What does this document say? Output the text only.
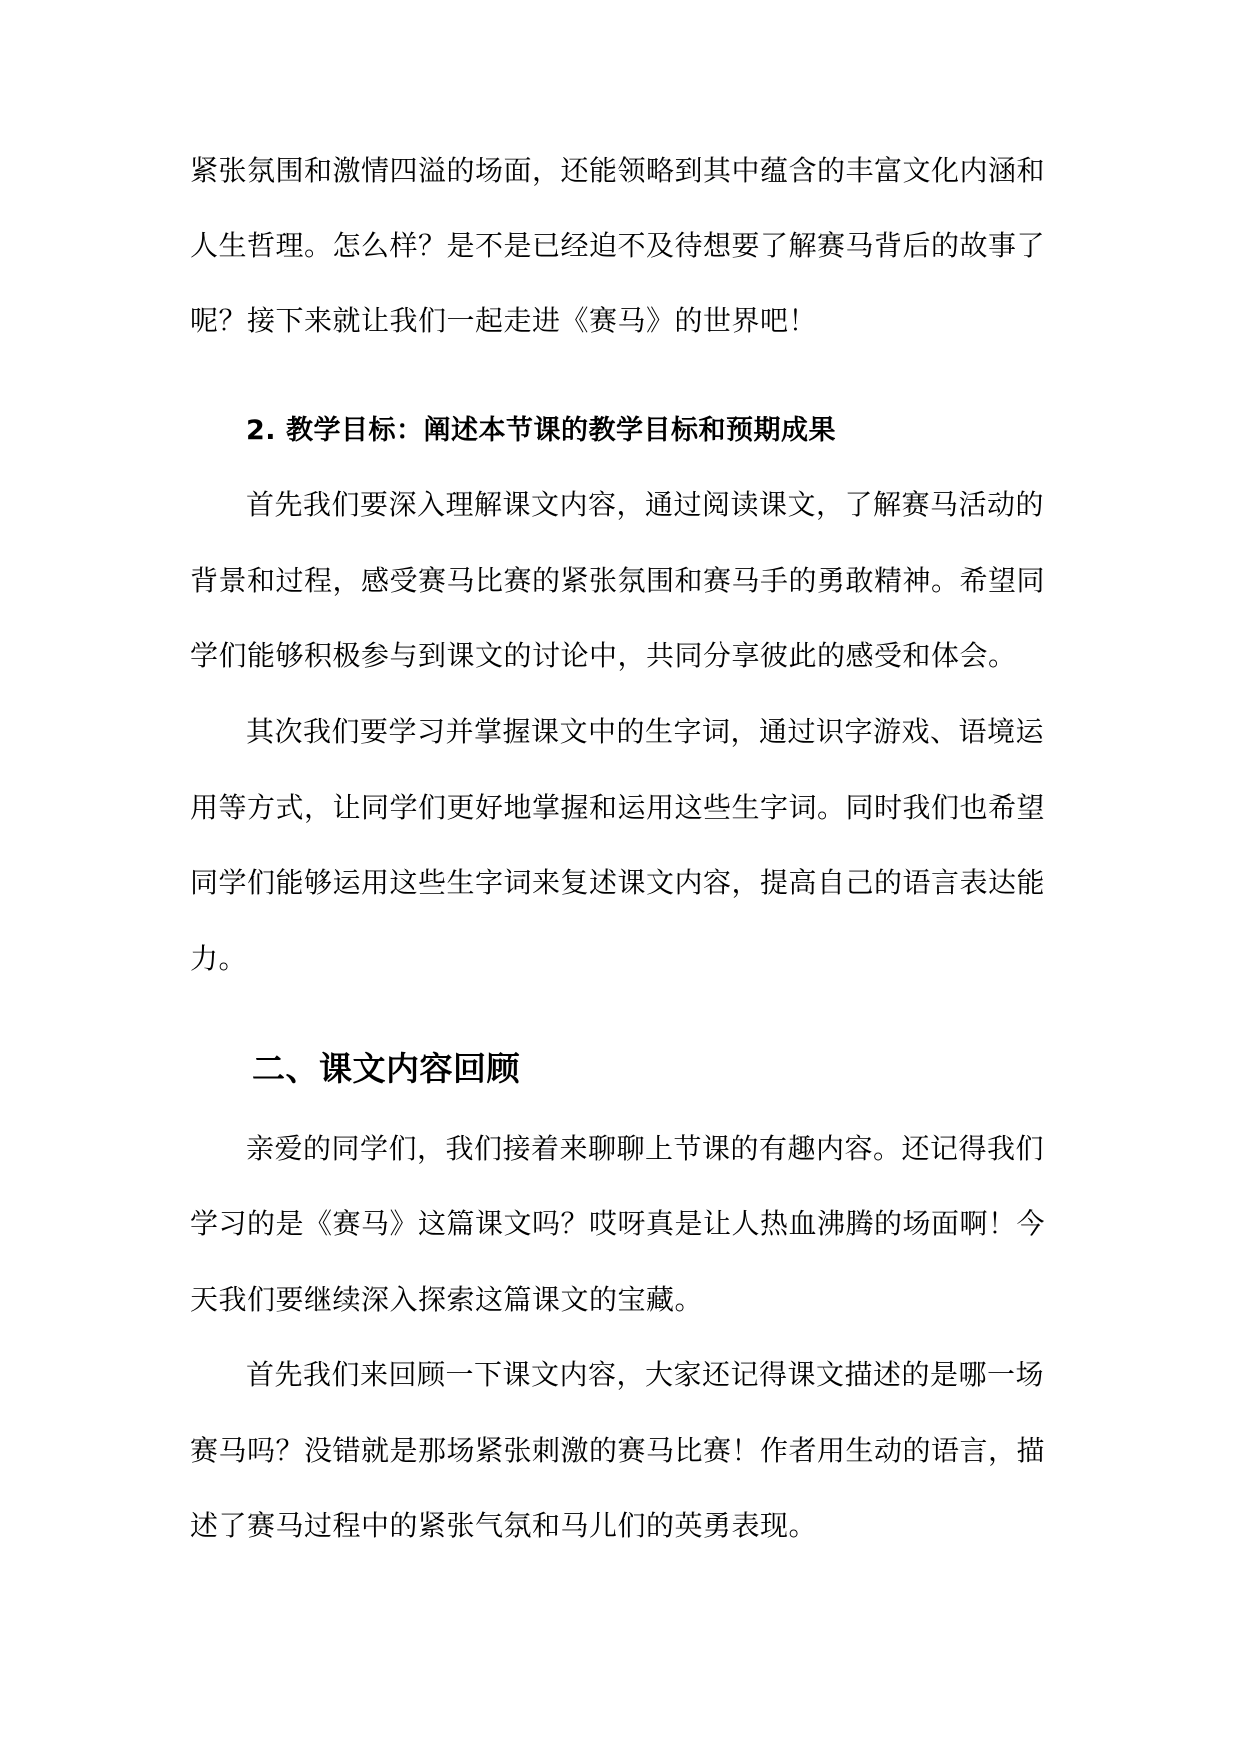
紧张氛围和激情四溢的场面，还能领略到其中蕴含的丰富文化内涵和
人生哲理。怎么样？是不是已经迫不及待想要了解赛马背后的故事了
呢？接下来就让我们一起走进《赛马》的世界吧！
2. 教学目标：阐述本节课的教学目标和预期成果
首先我们要深入理解课文内容，通过阅读课文，了解赛马活动的
背景和过程，感受赛马比赛的紧张氛围和赛马手的勇敢精神。希望同
学们能够积极参与到课文的讨论中，共同分享彼此的感受和体会。
其次我们要学习并掌握课文中的生字词，通过识字游戏、语境运
用等方式，让同学们更好地掌握和运用这些生字词。同时我们也希望
同学们能够运用这些生字词来复述课文内容，提高自己的语言表达能
力。
二、课文内容回顾
亲爱的同学们，我们接着来聊聊上节课的有趣内容。还记得我们
学习的是《赛马》这篇课文吗？哎呀真是让人热血沸腾的场面啊！今
天我们要继续深入探索这篇课文的宝藏。
首先我们来回顾一下课文内容，大家还记得课文描述的是哪一场
赛马吗？没错就是那场紧张刺激的赛马比赛！作者用生动的语言，描
述了赛马过程中的紧张气氛和马儿们的英勇表现。
